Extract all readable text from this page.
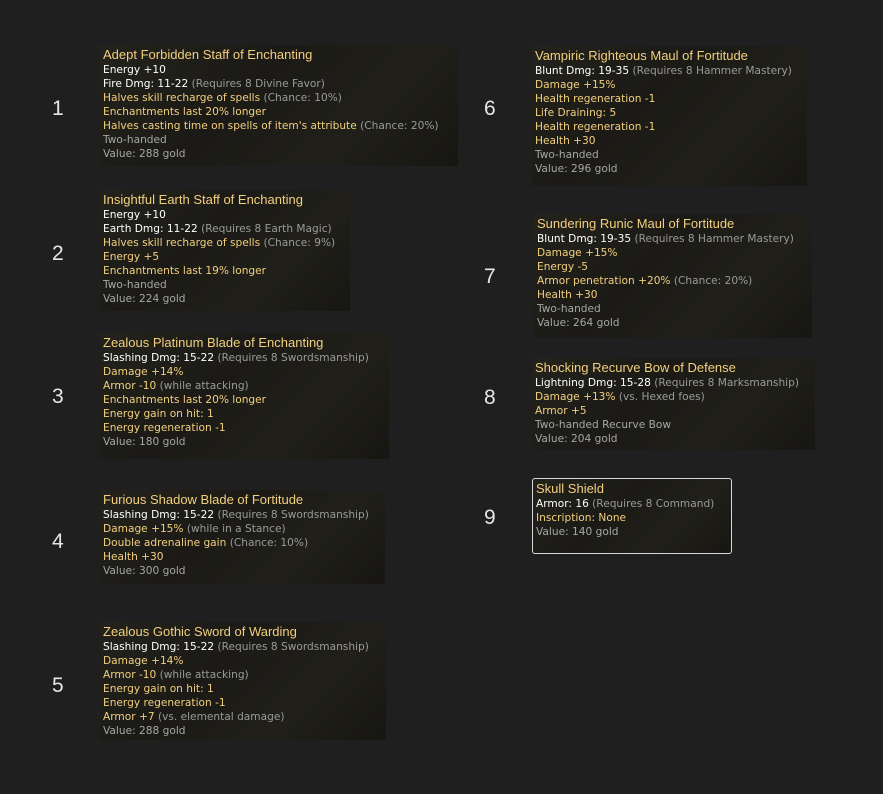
1
Adept Forbidden Staff of Enchanting
Energy +10
Fire Dmg: 11-22 (Requires 8 Divine Favor)
Halves skill recharge of spells (Chance: 10%)
Enchantments last 20% longer
Halves casting time on spells of item's attribute (Chance: 20%)
Two-handed
Value: 288 gold
2
Insightful Earth Staff of Enchanting
Energy +10
Earth Dmg: 11-22 (Requires 8 Earth Magic)
Halves skill recharge of spells (Chance: 9%)
Energy +5
Enchantments last 19% longer
Two-handed
Value: 224 gold
3
Zealous Platinum Blade of Enchanting
Slashing Dmg: 15-22 (Requires 8 Swordsmanship)
Damage +14%
Armor -10 (while attacking)
Enchantments last 20% longer
Energy gain on hit: 1
Energy regeneration -1
Value: 180 gold
4
Furious Shadow Blade of Fortitude
Slashing Dmg: 15-22 (Requires 8 Swordsmanship)
Damage +15% (while in a Stance)
Double adrenaline gain (Chance: 10%)
Health +30
Value: 300 gold
5
Zealous Gothic Sword of Warding
Slashing Dmg: 15-22 (Requires 8 Swordsmanship)
Damage +14%
Armor -10 (while attacking)
Energy gain on hit: 1
Energy regeneration -1
Armor +7 (vs. elemental damage)
Value: 288 gold
6
Vampiric Righteous Maul of Fortitude
Blunt Dmg: 19-35 (Requires 8 Hammer Mastery)
Damage +15%
Health regeneration -1
Life Draining: 5
Health regeneration -1
Health +30
Two-handed
Value: 296 gold
7
Sundering Runic Maul of Fortitude
Blunt Dmg: 19-35 (Requires 8 Hammer Mastery)
Damage +15%
Energy -5
Armor penetration +20% (Chance: 20%)
Health +30
Two-handed
Value: 264 gold
8
Shocking Recurve Bow of Defense
Lightning Dmg: 15-28 (Requires 8 Marksmanship)
Damage +13% (vs. Hexed foes)
Armor +5
Two-handed Recurve Bow
Value: 204 gold
9
Skull Shield
Armor: 16 (Requires 8 Command)
Inscription: None
Value: 140 gold
